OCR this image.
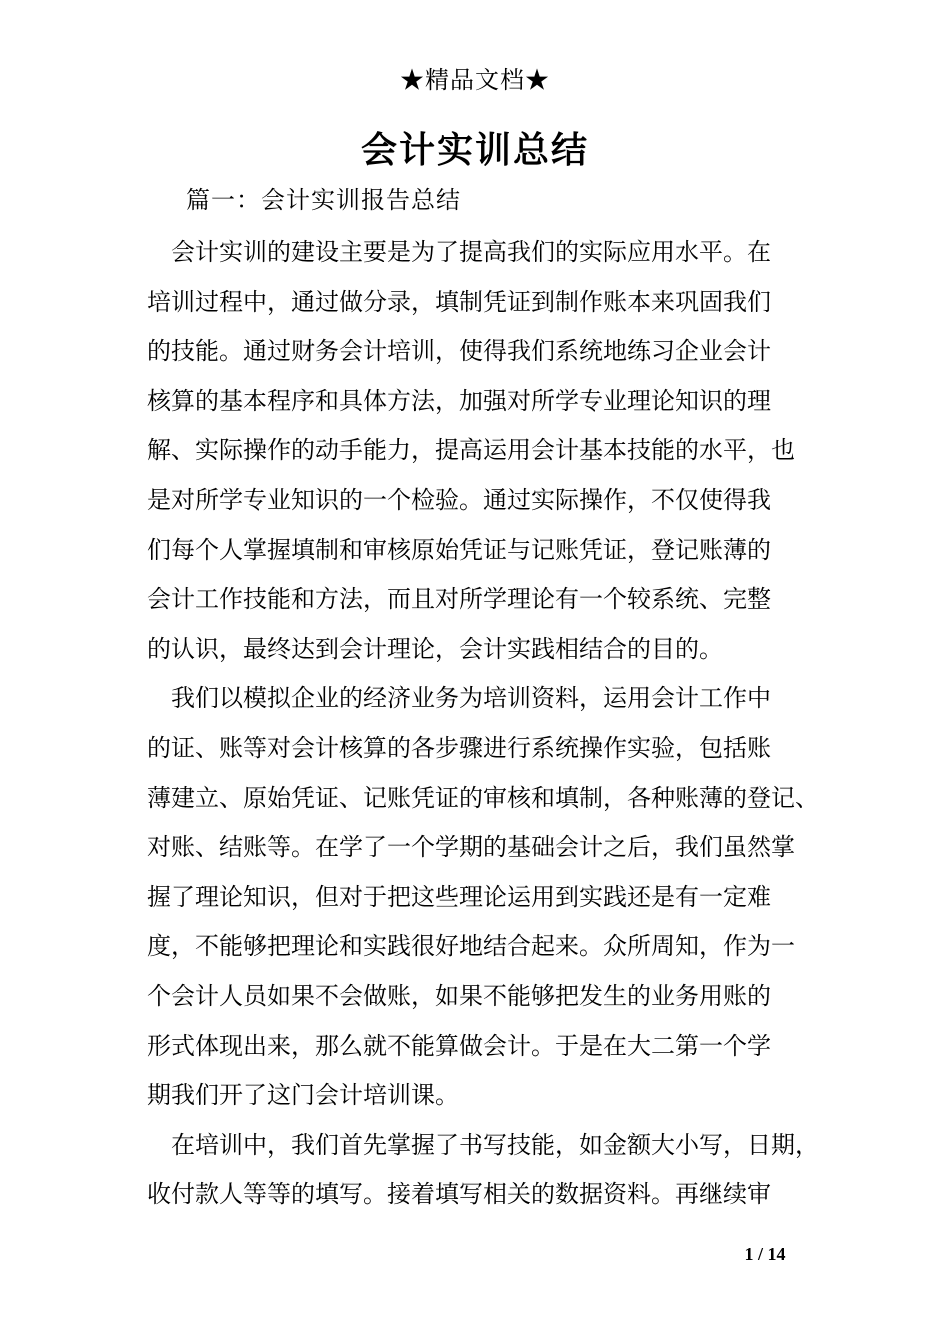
★精品文档★
会计实训总结
篇一：会计实训报告总结

会计实训的建设主要是为了提高我们的实际应用水平。在
培训过程中，通过做分录，填制凭证到制作账本来巩固我们
的技能。通过财务会计培训，使得我们系统地练习企业会计
核算的基本程序和具体方法，加强对所学专业理论知识的理
解、实际操作的动手能力，提高运用会计基本技能的水平，也
是对所学专业知识的一个检验。通过实际操作，不仅使得我
们每个人掌握填制和审核原始凭证与记账凭证，登记账薄的
会计工作技能和方法，而且对所学理论有一个较系统、完整
的认识，最终达到会计理论，会计实践相结合的目的。

我们以模拟企业的经济业务为培训资料，运用会计工作中
的证、账等对会计核算的各步骤进行系统操作实验，包括账
薄建立、原始凭证、记账凭证的审核和填制，各种账薄的登记、
对账、结账等。在学了一个学期的基础会计之后，我们虽然掌
握了理论知识，但对于把这些理论运用到实践还是有一定难
度，不能够把理论和实践很好地结合起来。众所周知，作为一
个会计人员如果不会做账，如果不能够把发生的业务用账的
形式体现出来，那么就不能算做会计。于是在大二第一个学
期我们开了这门会计培训课。

在培训中，我们首先掌握了书写技能，如金额大小写，日期，
收付款人等等的填写。接着填写相关的数据资料。再继续审

1 / 14
